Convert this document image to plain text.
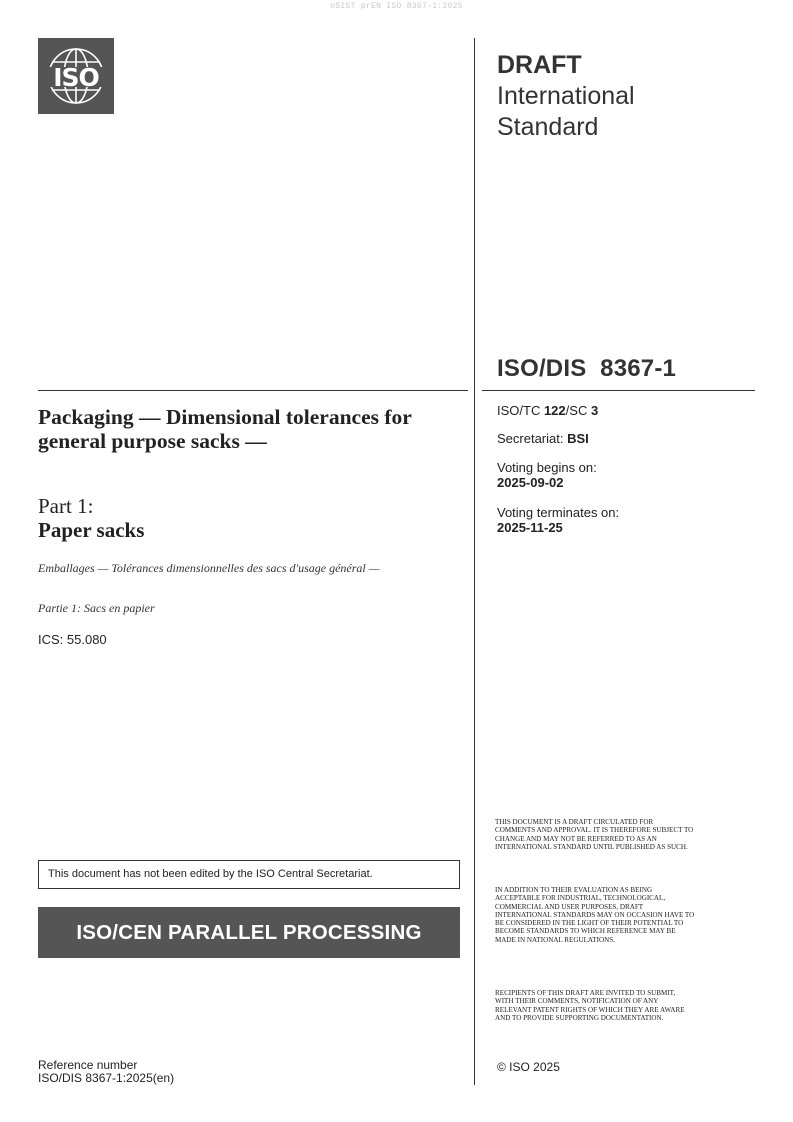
oSIST prEN ISO 8367-1:2025
ISO	DRAFT
International
Standard
ISO/DIS  8367-1
ISO/TC 122/SC 3
Secretariat: BSI
Voting begins on:
2025-09-02
Voting terminates on:
2025-11-25
Packaging — Dimensional tolerances for general purpose sacks —
Part 1:
Paper sacks
Emballages — Tolérances dimensionnelles des sacs d'usage général —
Partie 1: Sacs en papier
ICS: 55.080
This document has not been edited by the ISO Central Secretariat.
ISO/CEN PARALLEL PROCESSING
Reference number
ISO/DIS 8367-1:2025(en)
THIS DOCUMENT IS A DRAFT CIRCULATED FOR COMMENTS AND APPROVAL. IT IS THEREFORE SUBJECT TO CHANGE AND MAY NOT BE REFERRED TO AS AN INTERNATIONAL STANDARD UNTIL PUBLISHED AS SUCH.
IN ADDITION TO THEIR EVALUATION AS BEING ACCEPTABLE FOR INDUSTRIAL, TECHNOLOGICAL, COMMERCIAL AND USER PURPOSES, DRAFT INTERNATIONAL STANDARDS MAY ON OCCASION HAVE TO BE CONSIDERED IN THE LIGHT OF THEIR POTENTIAL TO BECOME STANDARDS TO WHICH REFERENCE MAY BE MADE IN NATIONAL REGULATIONS.
RECIPIENTS OF THIS DRAFT ARE INVITED TO SUBMIT, WITH THEIR COMMENTS, NOTIFICATION OF ANY RELEVANT PATENT RIGHTS OF WHICH THEY ARE AWARE AND TO PROVIDE SUPPORTING DOCUMENTATION.
© ISO 2025
